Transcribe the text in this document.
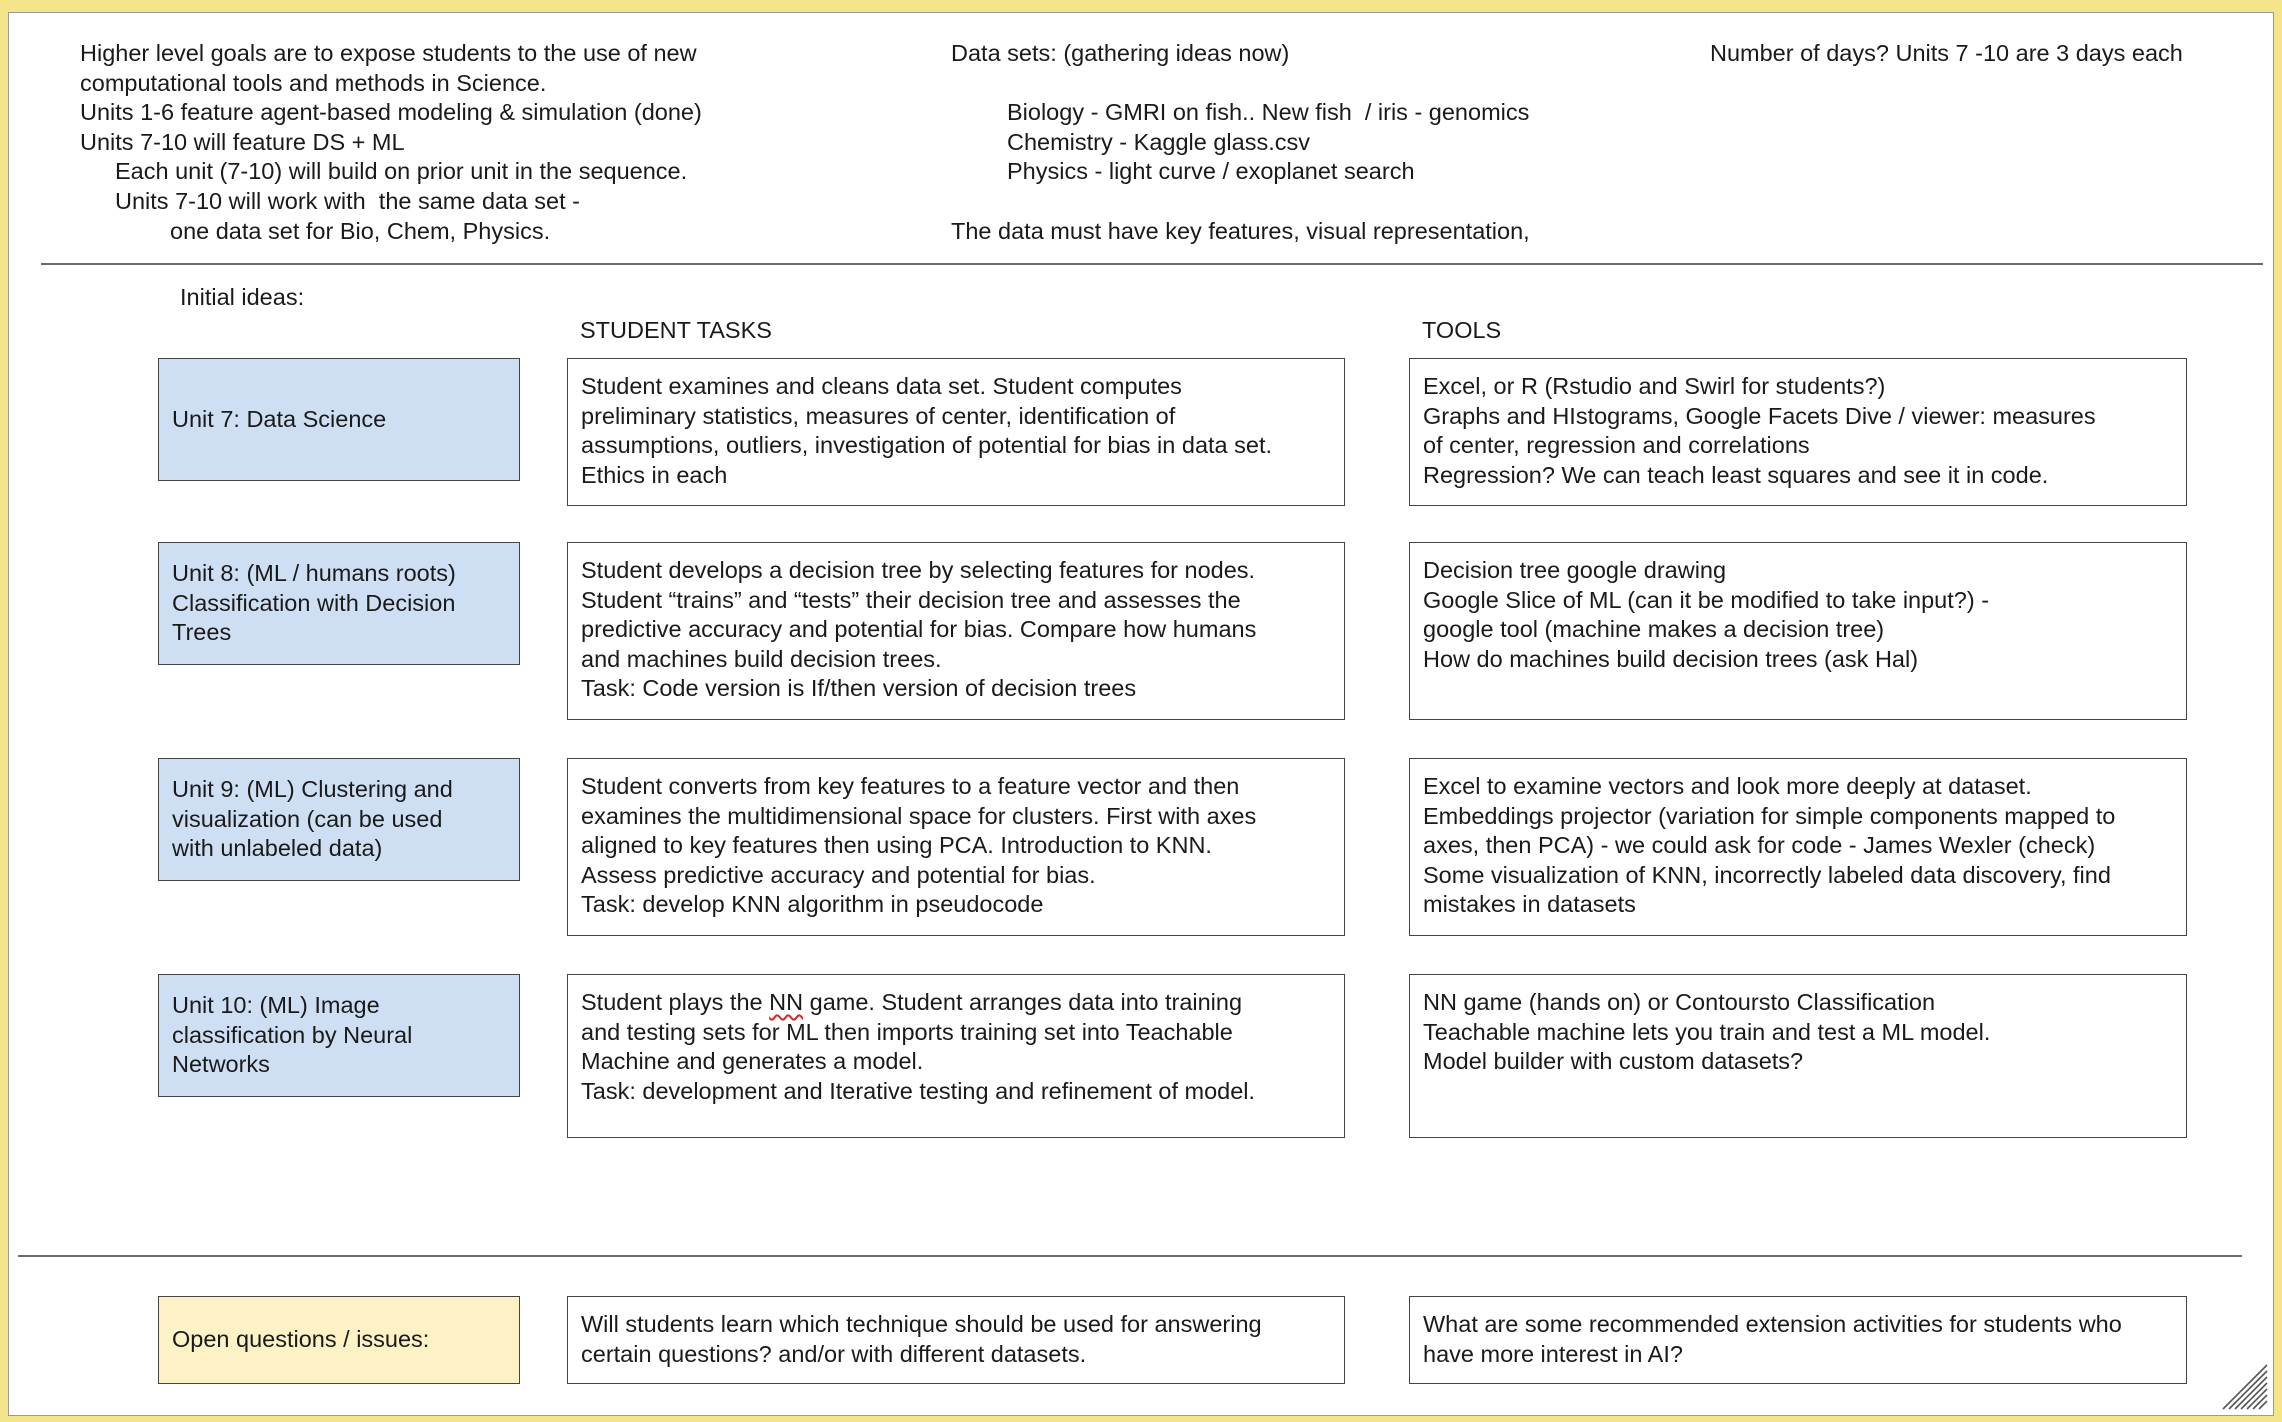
Higher level goals are to expose students to the use of new
computational tools and methods in Science.
Units 1-6 feature agent-based modeling & simulation (done)
Units 7-10 will feature DS + ML
Each unit (7-10) will build on prior unit in the sequence.
Units 7-10 will work with  the same data set -
one data set for Bio, Chem, Physics.
Data sets: (gathering ideas now)
Biology - GMRI on fish.. New fish  / iris - genomics
Chemistry - Kaggle glass.csv
Physics - light curve / exoplanet search
The data must have key features, visual representation,
Number of days? Units 7 -10 are 3 days each
Initial ideas:
STUDENT TASKS	TOOLS
Unit 7: Data Science
Student examines and cleans data set. Student computes
preliminary statistics, measures of center, identification of
assumptions, outliers, investigation of potential for bias in data set.
Ethics in each
Excel, or R (Rstudio and Swirl for students?)
Graphs and HIstograms, Google Facets Dive / viewer: measures
of center, regression and correlations
Regression? We can teach least squares and see it in code.
Unit 8: (ML / humans roots)
Classification with Decision
Trees
Student develops a decision tree by selecting features for nodes.
Student “trains” and “tests” their decision tree and assesses the
predictive accuracy and potential for bias. Compare how humans
and machines build decision trees.
Task: Code version is If/then version of decision trees
Decision tree google drawing
Google Slice of ML (can it be modified to take input?) -
google tool (machine makes a decision tree)
How do machines build decision trees (ask Hal)
Unit 9: (ML) Clustering and
visualization (can be used
with unlabeled data)
Student converts from key features to a feature vector and then
examines the multidimensional space for clusters. First with axes
aligned to key features then using PCA. Introduction to KNN.
Assess predictive accuracy and potential for bias.
Task: develop KNN algorithm in pseudocode
Excel to examine vectors and look more deeply at dataset.
Embeddings projector (variation for simple components mapped to
axes, then PCA) - we could ask for code - James Wexler (check)
Some visualization of KNN, incorrectly labeled data discovery, find
mistakes in datasets
Unit 10: (ML) Image
classification by Neural
Networks
Student plays the NN game. Student arranges data into training
and testing sets for ML then imports training set into Teachable
Machine and generates a model.
Task: development and Iterative testing and refinement of model.
NN game (hands on) or Contoursto Classification
Teachable machine lets you train and test a ML model.
Model builder with custom datasets?
Open questions / issues:
Will students learn which technique should be used for answering
certain questions? and/or with different datasets.
What are some recommended extension activities for students who
have more interest in AI?
